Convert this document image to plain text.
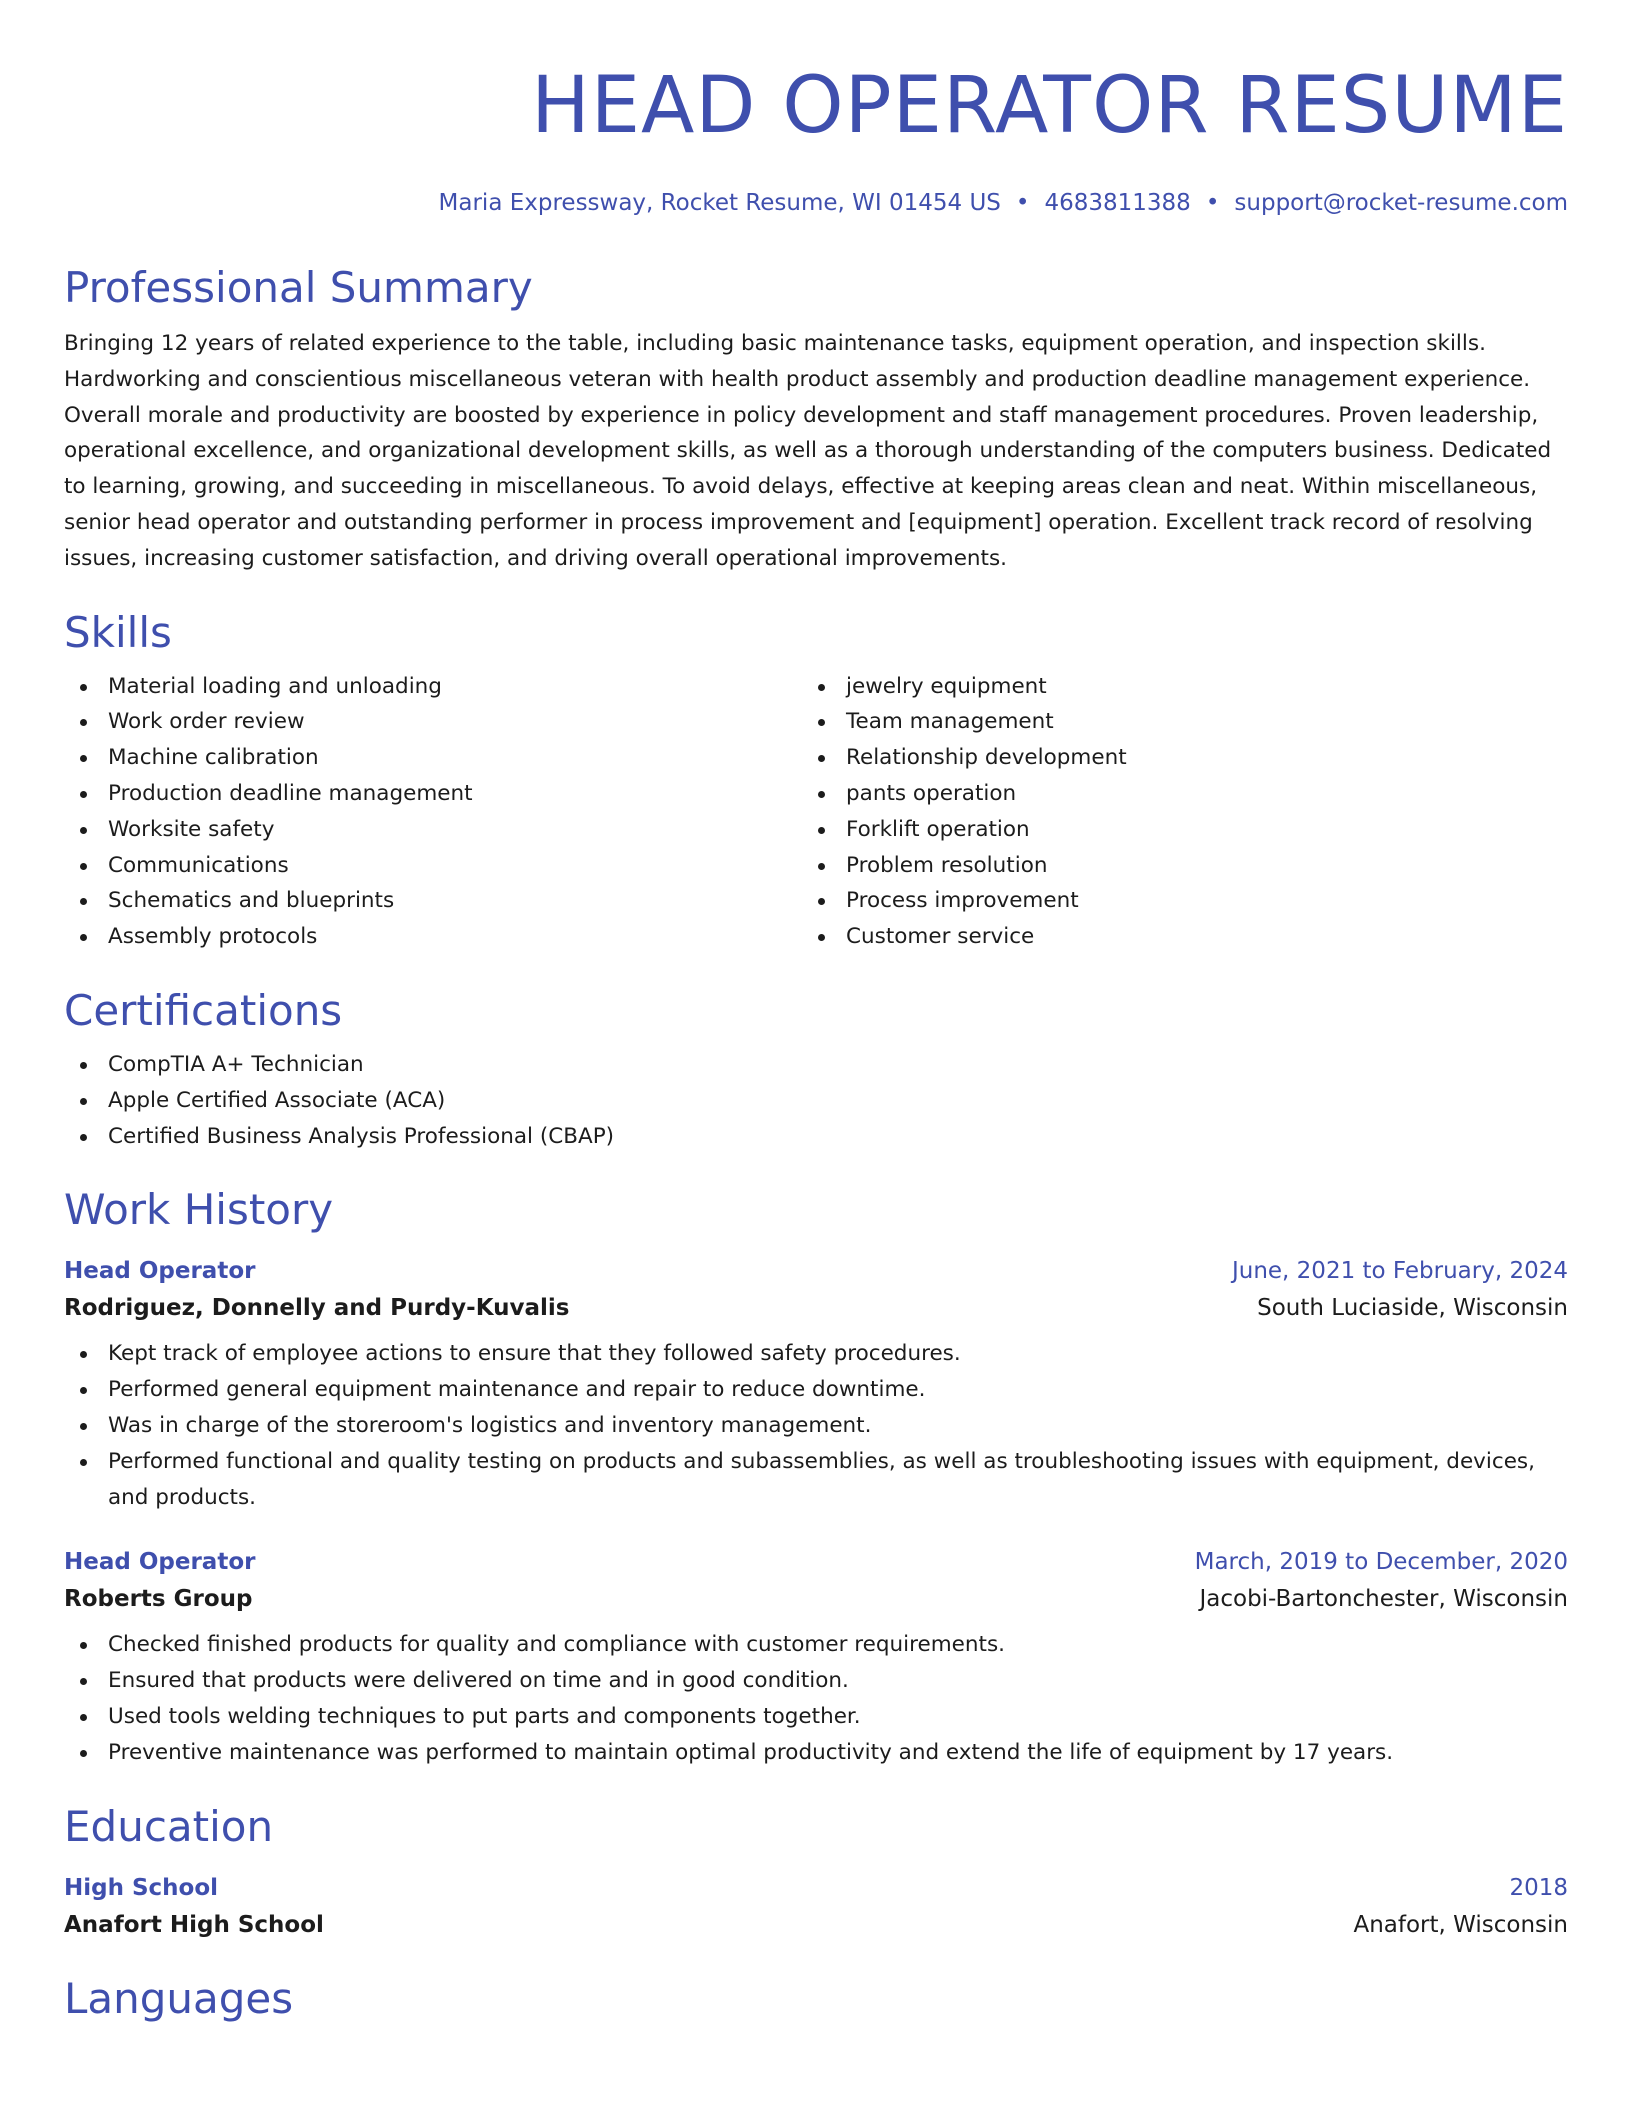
HEAD OPERATOR RESUME
Maria Expressway, Rocket Resume, WI 01454 US • 4683811388 • support@rocket-resume.com
Professional Summary

Bringing 12 years of related experience to the table, including basic maintenance tasks, equipment operation, and inspection skills. Hardworking and conscientious miscellaneous veteran with health product assembly and production deadline management experience. Overall morale and productivity are boosted by experience in policy development and staff management procedures. Proven leadership, operational excellence, and organizational development skills, as well as a thorough understanding of the computers business. Dedicated to learning, growing, and succeeding in miscellaneous. To avoid delays, effective at keeping areas clean and neat. Within miscellaneous, senior head operator and outstanding performer in process improvement and [equipment] operation. Excellent track record of resolving issues, increasing customer satisfaction, and driving overall operational improvements.

Skills
Material loading and unloading
Work order review
Machine calibration
Production deadline management
Worksite safety
Communications
Schematics and blueprints
Assembly protocols
jewelry equipment
Team management
Relationship development
pants operation
Forklift operation
Problem resolution
Process improvement
Customer service
Certifications
CompTIA A+ Technician
Apple Certified Associate (ACA)
Certified Business Analysis Professional (CBAP)
Work History
Head Operator	June, 2021 to February, 2024
Rodriguez, Donnelly and Purdy-Kuvalis	South Luciaside, Wisconsin
Kept track of employee actions to ensure that they followed safety procedures.
Performed general equipment maintenance and repair to reduce downtime.
Was in charge of the storeroom's logistics and inventory management.
Performed functional and quality testing on products and subassemblies, as well as troubleshooting issues with equipment, devices, and products.
Head Operator	March, 2019 to December, 2020
Roberts Group	Jacobi-Bartonchester, Wisconsin
Checked finished products for quality and compliance with customer requirements.
Ensured that products were delivered on time and in good condition.
Used tools welding techniques to put parts and components together.
Preventive maintenance was performed to maintain optimal productivity and extend the life of equipment by 17 years.
Education
High School	2018
Anafort High School	Anafort, Wisconsin
Languages
